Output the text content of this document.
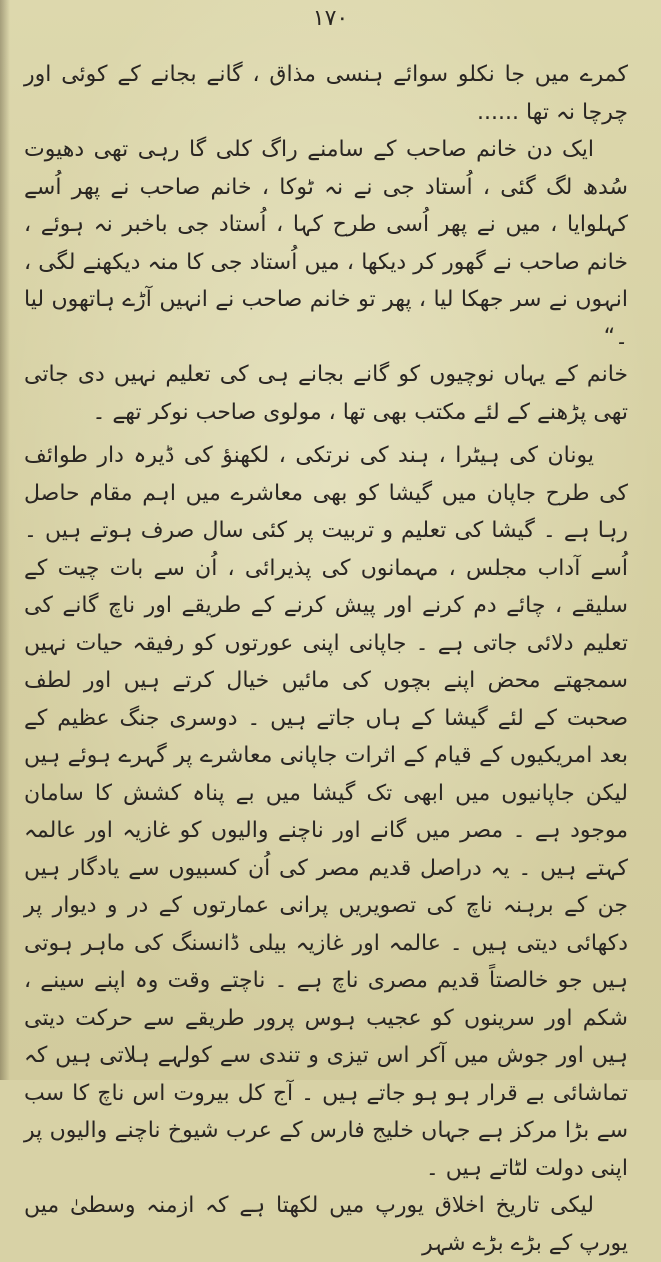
۱۷۰

کمرے میں جا نکلو سوائے ہنسی مذاق ، گانے بجانے کے کوئی اور چرچا نہ تھا ......

ایک دن خانم صاحب کے سامنے راگ کلی گا رہی تھی دھیوت سُدھ لگ گئی ، اُستاد جی نے نہ ٹوکا ، خانم صاحب نے پھر اُسے کہلوایا ، میں نے پھر اُسی طرح کہا ، اُستاد جی باخبر نہ ہوئے ، خانم صاحب نے گھور کر دیکھا ، میں اُستاد جی کا منہ دیکھنے لگی ، انہوں نے سر جھکا لیا ، پھر تو خانم صاحب نے انہیں آڑے ہاتھوں لیا ۔“

خانم کے یہاں نوچیوں کو گانے بجانے ہی کی تعلیم نہیں دی جاتی تھی پڑھنے کے لئے مکتب بھی تھا ، مولوی صاحب نوکر تھے ۔

یونان کی ہیٹرا ، ہند کی نرتکی ، لکھنؤ کی ڈیرہ دار طوائف کی طرح جاپان میں گیشا کو بھی معاشرے میں اہم مقام حاصل رہا ہے ۔ گیشا کی تعلیم و تربیت پر کئی سال صرف ہوتے ہیں ۔ اُسے آداب مجلس ، مہمانوں کی پذیرائی ، اُن سے بات چیت کے سلیقے ، چائے دم کرنے اور پیش کرنے کے طریقے اور ناچ گانے کی تعلیم دلائی جاتی ہے ۔ جاپانی اپنی عورتوں کو رفیقہ حیات نہیں سمجھتے محض اپنے بچوں کی مائیں خیال کرتے ہیں اور لطف صحبت کے لئے گیشا کے ہاں جاتے ہیں ۔ دوسری جنگ عظیم کے بعد امریکیوں کے قیام کے اثرات جاپانی معاشرے پر گہرے ہوئے ہیں لیکن جاپانیوں میں ابھی تک گیشا میں بے پناہ کشش کا سامان موجود ہے ۔ مصر میں گانے اور ناچنے والیوں کو غازیہ اور عالمہ کہتے ہیں ۔ یہ دراصل قدیم مصر کی اُن کسبیوں سے یادگار ہیں جن کے برہنہ ناچ کی تصویریں پرانی عمارتوں کے در و دیوار پر دکھائی دیتی ہیں ۔ عالمہ اور غازیہ بیلی ڈانسنگ کی ماہر ہوتی ہیں جو خالصتاً قدیم مصری ناچ ہے ۔ ناچتے وقت وہ اپنے سینے ، شکم اور سرینوں کو عجیب ہوس پرور طریقے سے حرکت دیتی ہیں اور جوش میں آکر اس تیزی و تندی سے کولہے ہلاتی ہیں کہ تماشائی بے قرار ہو ہو جاتے ہیں ۔ آج کل بیروت اس ناچ کا سب سے بڑا مرکز ہے جہاں خلیج فارس کے عرب شیوخ ناچنے والیوں پر اپنی دولت لٹاتے ہیں ۔

لیکی تاریخ اخلاق یورپ میں لکھتا ہے کہ ازمنہ وسطیٰ میں یورپ کے بڑے بڑے شہر
